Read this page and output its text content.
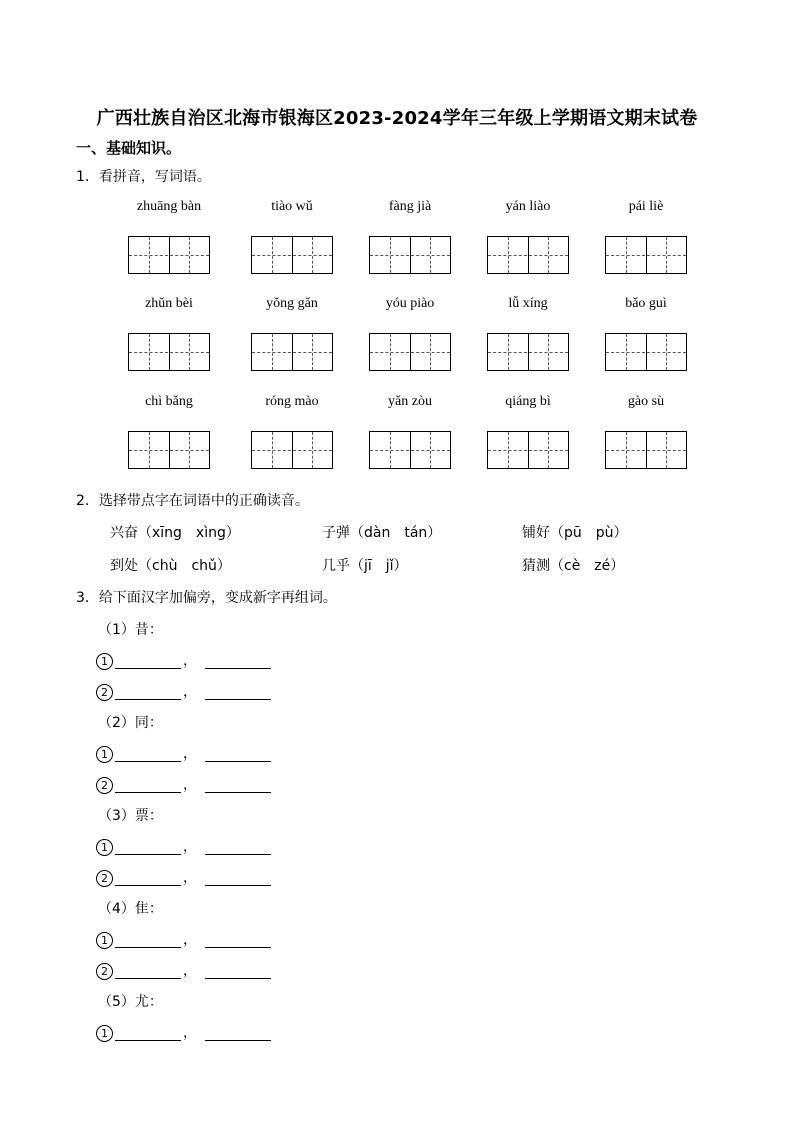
广西壮族自治区北海市银海区2023-2024学年三年级上学期语文期末试卷
一、基础知识。
1．看拼音，写词语。
zhuāng bàn	tiào wǔ	fàng jià	yán liào	pái liè
zhǔn bèi	yǒng gǎn	yóu piào	lǚ xíng	bǎo guì
chì bǎng	róng mào	yǎn zòu	qiáng bì	gào sù
2．选择带点字在词语中的正确读音。
兴奋（xīng　xìng）	子弹（dàn　tán）	铺好（pū　pù）
到处（chù　chǔ）	几乎（jī　jǐ）	猜测（cè　zé）
3．给下面汉字加偏旁，变成新字再组词。
（1）昔：
1	，
2	，
（2）同：
1	，
2	，
（3）票：
1	，
2	，
（4）隹：
1	，
2	，
（5）尤：
1	，
